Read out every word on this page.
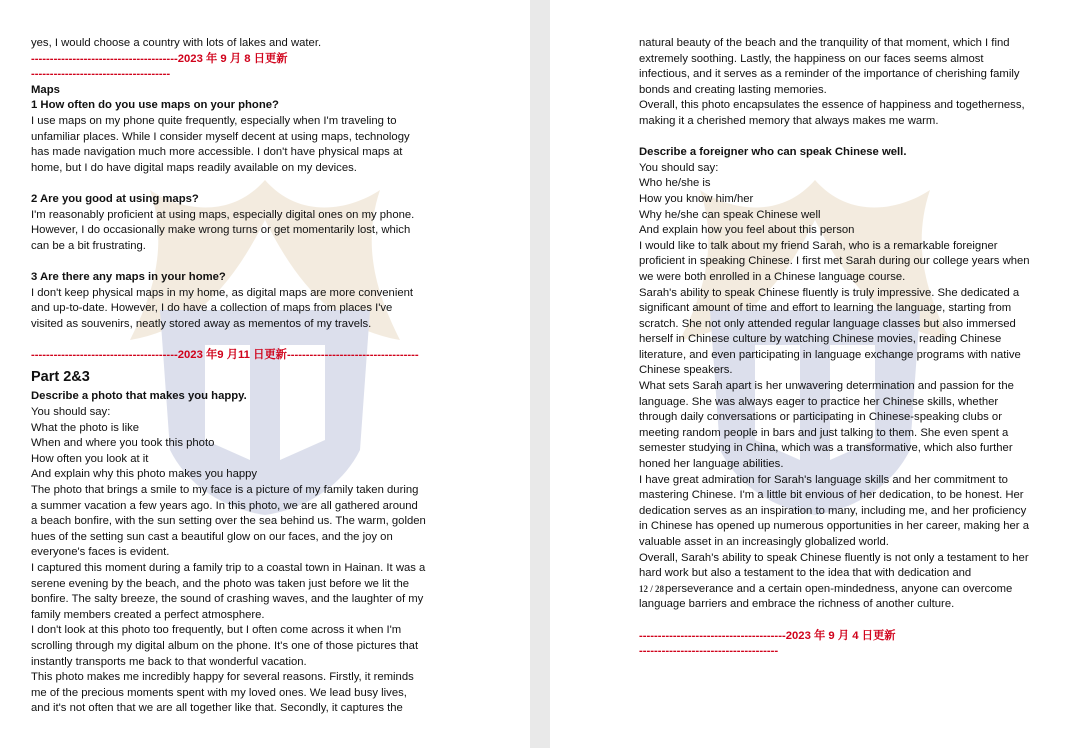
yes, I would choose a country with lots of lakes and water.
---------------------------------------2023 年 9 月 8 日更新
-------------------------------------
Maps
1 How often do you use maps on your phone?
I use maps on my phone quite frequently, especially when I'm traveling to
unfamiliar places. While I consider myself decent at using maps, technology
has made navigation much more accessible. I don't have physical maps at
home, but I do have digital maps readily available on my devices.
2 Are you good at using maps?
I'm reasonably proficient at using maps, especially digital ones on my phone.
However, I do occasionally make wrong turns or get momentarily lost, which
can be a bit frustrating.
3 Are there any maps in your home?
I don't keep physical maps in my home, as digital maps are more convenient
and up-to-date. However, I do have a collection of maps from places I've
visited as souvenirs, neatly stored away as mementos of my travels.
---------------------------------------2023 年9 月11 日更新-----------------------------------
Part 2&3
Describe a photo that makes you happy.
You should say:
What the photo is like
When and where you took this photo
How often you look at it
And explain why this photo makes you happy
The photo that brings a smile to my face is a picture of my family taken during
a summer vacation a few years ago. In this photo, we are all gathered around
a beach bonfire, with the sun setting over the sea behind us. The warm, golden
hues of the setting sun cast a beautiful glow on our faces, and the joy on
everyone's faces is evident.
I captured this moment during a family trip to a coastal town in Hainan. It was a
serene evening by the beach, and the photo was taken just before we lit the
bonfire. The salty breeze, the sound of crashing waves, and the laughter of my
family members created a perfect atmosphere.
I don't look at this photo too frequently, but I often come across it when I'm
scrolling through my digital album on the phone. It's one of those pictures that
instantly transports me back to that wonderful vacation.
This photo makes me incredibly happy for several reasons. Firstly, it reminds
me of the precious moments spent with my loved ones. We lead busy lives,
and it's not often that we are all together like that. Secondly, it captures the
natural beauty of the beach and the tranquility of that moment, which I find
extremely soothing. Lastly, the happiness on our faces seems almost
infectious, and it serves as a reminder of the importance of cherishing family
bonds and creating lasting memories.
Overall, this photo encapsulates the essence of happiness and togetherness,
making it a cherished memory that always makes me warm.
Describe a foreigner who can speak Chinese well.
You should say:
Who he/she is
How you know him/her
Why he/she can speak Chinese well
And explain how you feel about this person
I would like to talk about my friend Sarah, who is a remarkable foreigner
proficient in speaking Chinese. I first met Sarah during our college years when
we were both enrolled in a Chinese language course.
Sarah's ability to speak Chinese fluently is truly impressive. She dedicated a
significant amount of time and effort to learning the language, starting from
scratch. She not only attended regular language classes but also immersed
herself in Chinese culture by watching Chinese movies, reading Chinese
literature, and even participating in language exchange programs with native
Chinese speakers.
What sets Sarah apart is her unwavering determination and passion for the
language. She was always eager to practice her Chinese skills, whether
through daily conversations or participating in Chinese-speaking clubs or
meeting random people in bars and just talking to them. She even spent a
semester studying in China, which was a transformative, which also further
honed her language abilities.
I have great admiration for Sarah's language skills and her commitment to
mastering Chinese. I'm a little bit envious of her dedication, to be honest. Her
dedication serves as an inspiration to many, including me, and her proficiency
in Chinese has opened up numerous opportunities in her career, making her a
valuable asset in an increasingly globalized world.
Overall, Sarah's ability to speak Chinese fluently is not only a testament to her
hard work but also a testament to the idea that with dedication and
12 / 28perseverance and a certain open-mindedness, anyone can overcome
language barriers and embrace the richness of another culture.
---------------------------------------2023 年 9 月 4 日更新
-------------------------------------
